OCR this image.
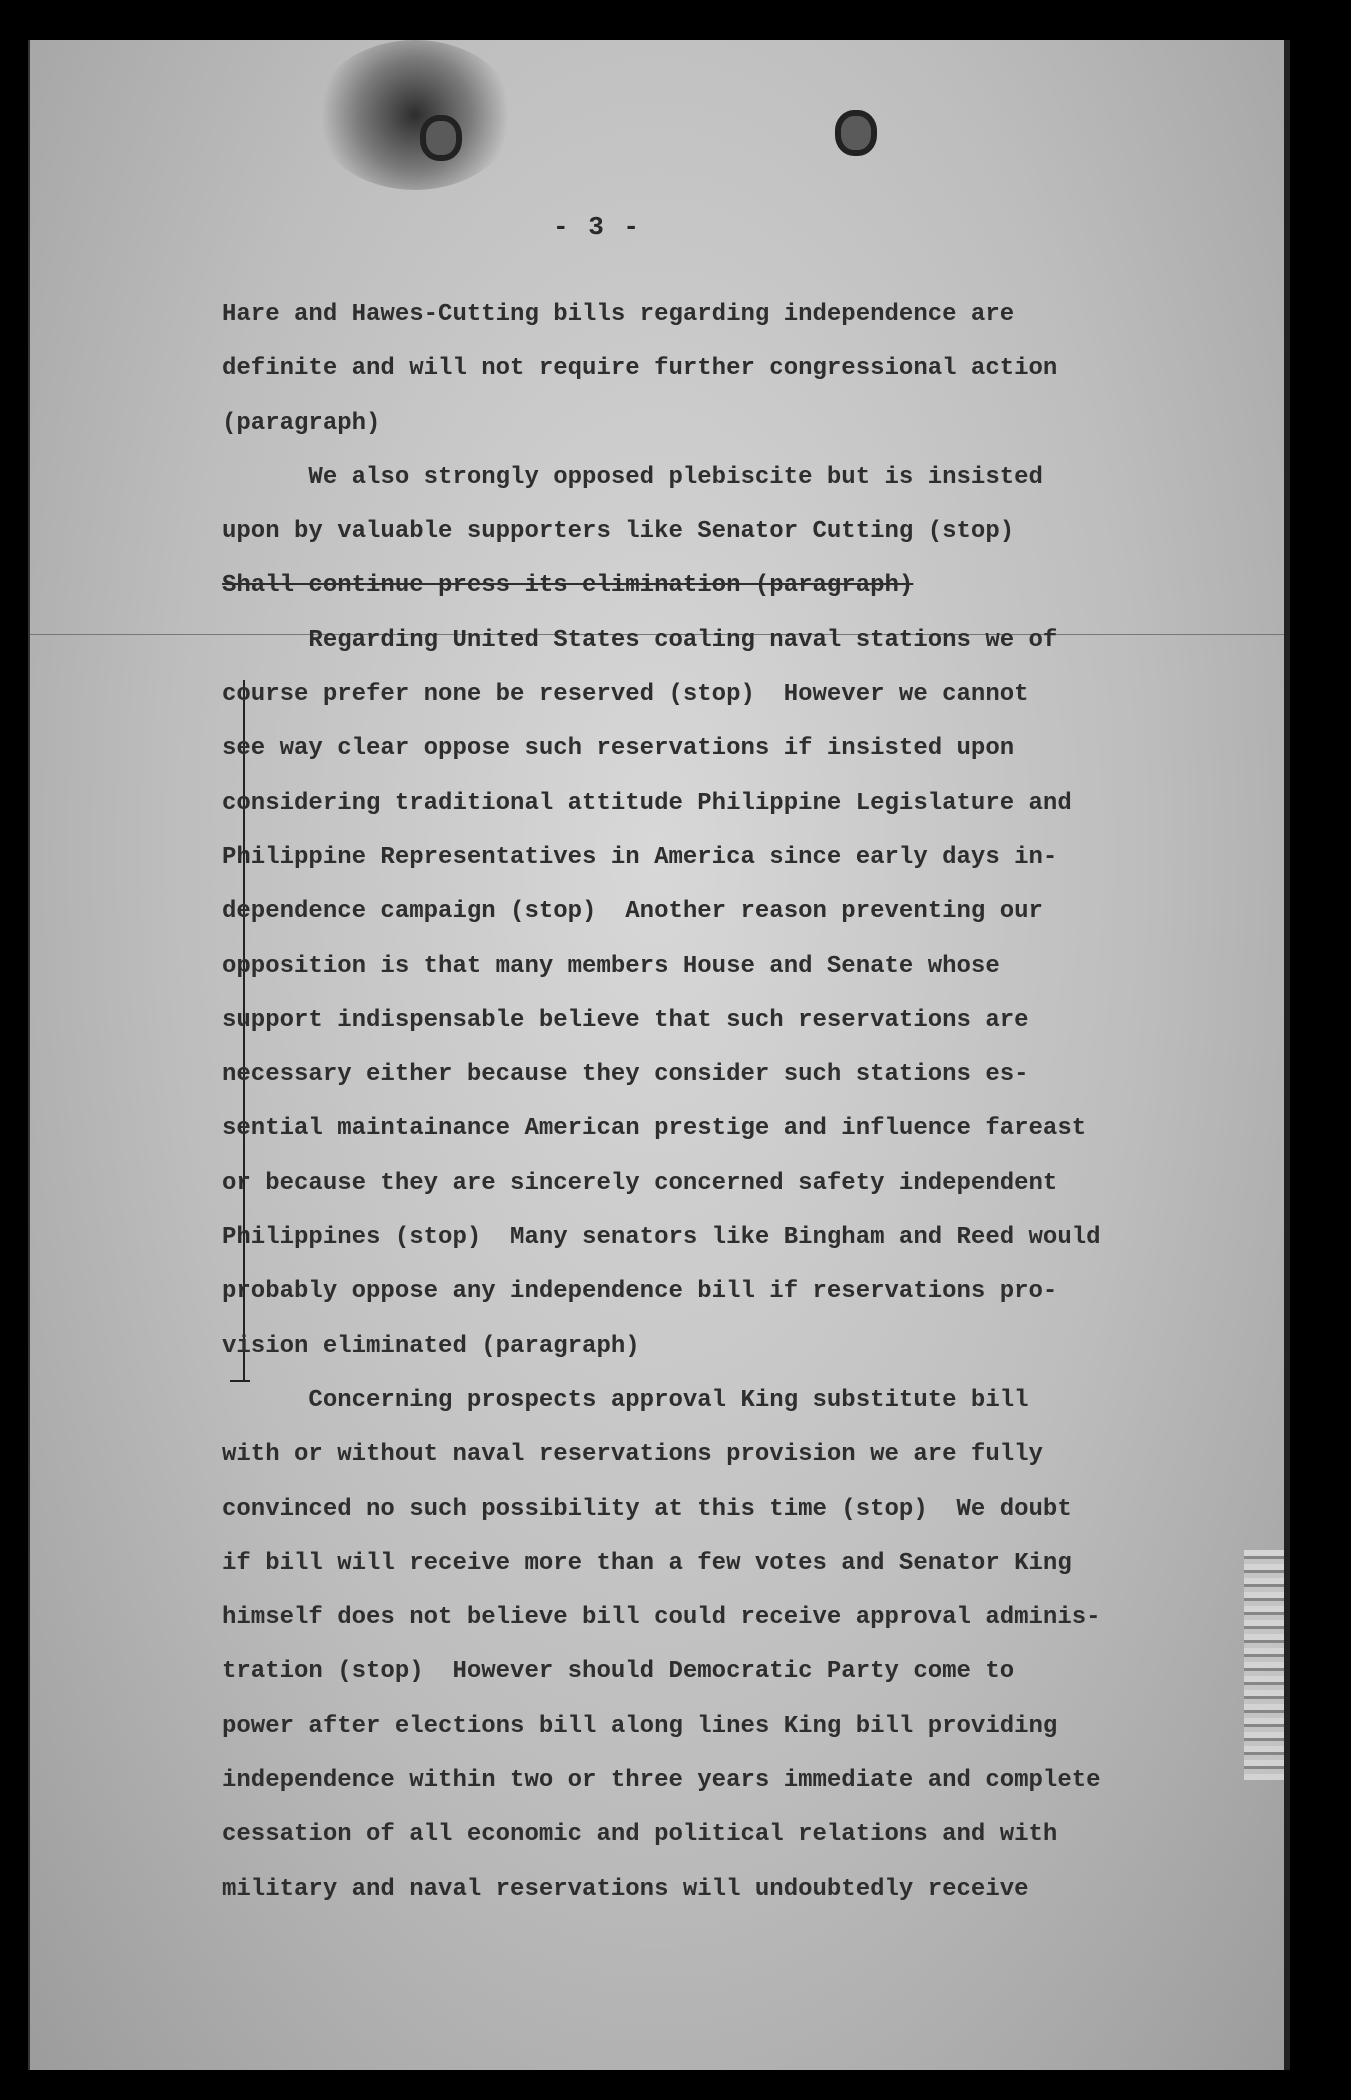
- 3 -
Hare and Hawes-Cutting bills regarding independence are
definite and will not require further congressional action
(paragraph)
We also strongly opposed plebiscite but is insisted
upon by valuable supporters like Senator Cutting (stop)
Shall continue press its elimination (paragraph)
Regarding United States coaling naval stations we of
course prefer none be reserved (stop)  However we cannot
see way clear oppose such reservations if insisted upon
considering traditional attitude Philippine Legislature and
Philippine Representatives in America since early days in-
dependence campaign (stop)  Another reason preventing our
opposition is that many members House and Senate whose
support indispensable believe that such reservations are
necessary either because they consider such stations es-
sential maintainance American prestige and influence fareast
or because they are sincerely concerned safety independent
Philippines (stop)  Many senators like Bingham and Reed would
probably oppose any independence bill if reservations pro-
vision eliminated (paragraph)
Concerning prospects approval King substitute bill
with or without naval reservations provision we are fully
convinced no such possibility at this time (stop)  We doubt
if bill will receive more than a few votes and Senator King
himself does not believe bill could receive approval adminis-
tration (stop)  However should Democratic Party come to
power after elections bill along lines King bill providing
independence within two or three years immediate and complete
cessation of all economic and political relations and with
military and naval reservations will undoubtedly receive
